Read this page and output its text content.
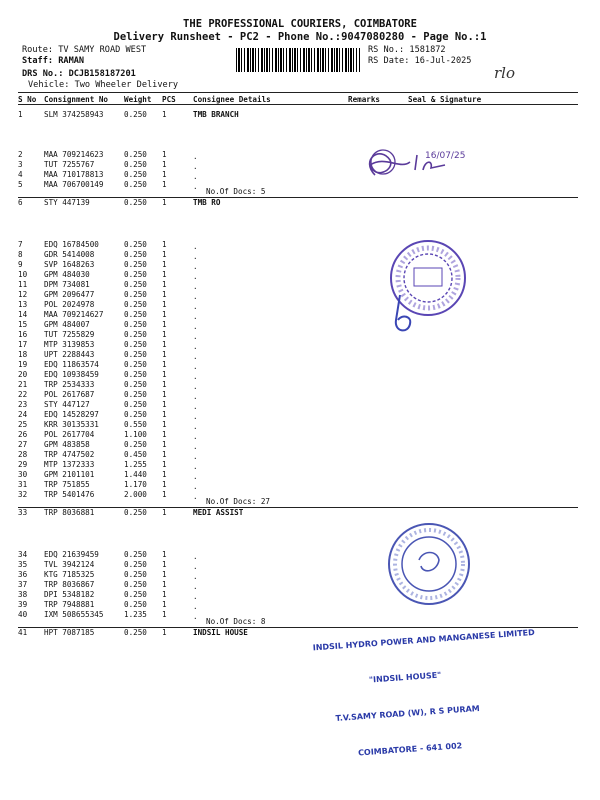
THE PROFESSIONAL COURIERS, COIMBATORE
Delivery Runsheet - PC2 - Phone No.:9047080280 - Page No.:1
Route: TV SAMY ROAD WEST
Staff: RAMAN
DRS No.: DCJB158187201
Vehicle: Two Wheeler Delivery
RS No.: 1581872
RS Date: 16-Jul-2025
rlo
S No Consignment No Weight PCS Consignee Details	Remarks	Seal & Signature
1	SLM 374258943	0.250 1	TMB BRANCH
2	MAA 709214623	0.250 1	.
3	TUT 7255767	0.250 1	.
4	MAA 710178813	0.250 1	.
5	MAA 706700149	0.250 1	.
No.Of Docs: 5
6	STY 447139	0.250 1	TMB RO
7	EDQ 16784500	0.250 1	.
8	GDR 5414008	0.250 1	.
9	SVP 1648263	0.250 1	.
10 GPM 484030	0.250 1	.
11 DPM 734081	0.250 1	.
12 GPM 2096477	0.250 1	.
13 POL 2024978	0.250 1	.
14 MAA 709214627	0.250 1	.
15 GPM 484007	0.250 1	.
16 TUT 7255829	0.250 1	.
17 MTP 3139853	0.250 1	.
18 UPT 2288443	0.250 1	.
19 EDQ 11863574	0.250 1	.
20 EDQ 10938459	0.250 1	.
21 TRP 2534333	0.250 1	.
22 POL 2617687	0.250 1	.
23 STY 447127	0.250 1	.
24 EDQ 14528297	0.250 1	.
25 KRR 30135331	0.550 1	.
26 POL 2617704	1.100 1	.
27 GPM 483858	0.250 1	.
28 TRP 4747502	0.450 1	.
29 MTP 1372333	1.255 1	.
30 GPM 2101101	1.440 1	.
31 TRP 751855	1.170 1	.
32 TRP 5401476	2.000 1	.
No.Of Docs: 27
33 TRP 8036881	0.250 1	MEDI ASSIST
34 EDQ 21639459	0.250 1	.
35 TVL 3942124	0.250 1	.
36 KTG 7185325	0.250 1	.
37 TRP 8036867	0.250 1	.
38 DPI 5348182	0.250 1	.
39 TRP 7948881	0.250 1	.
40 IXM 508655345	1.235 1	.
No.Of Docs: 8
41 HPT 7087185	0.250 1	INDSIL HOUSE
16/07/25

INDSIL HYDRO POWER AND MANGANESE LIMITED

"INDSIL HOUSE"

T.V.SAMY ROAD (W), R S PURAM

COIMBATORE - 641 002
